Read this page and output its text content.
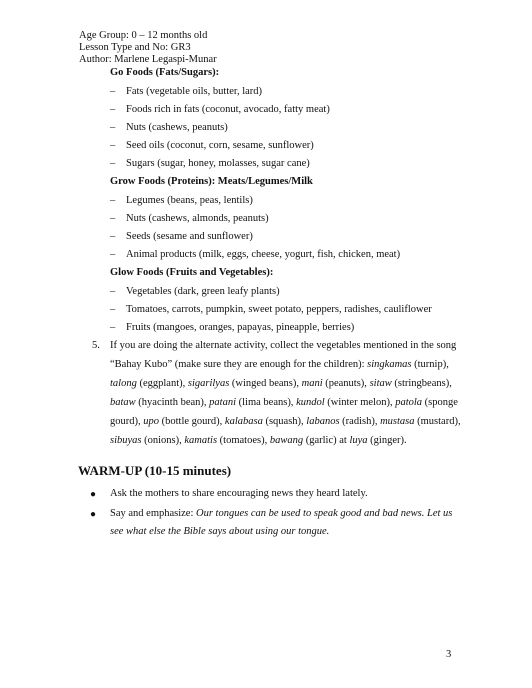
Age Group: 0 – 12 months old
Lesson Type and No: GR3
Author: Marlene Legaspi-Munar
Go Foods (Fats/Sugars):
– Fats (vegetable oils, butter, lard)
– Foods rich in fats (coconut, avocado, fatty meat)
– Nuts (cashews, peanuts)
– Seed oils (coconut, corn, sesame, sunflower)
– Sugars (sugar, honey, molasses, sugar cane)
Grow Foods (Proteins): Meats/Legumes/Milk
– Legumes (beans, peas, lentils)
– Nuts (cashews, almonds, peanuts)
– Seeds (sesame and sunflower)
– Animal products (milk, eggs, cheese, yogurt, fish, chicken, meat)
Glow Foods (Fruits and Vegetables):
– Vegetables (dark, green leafy plants)
– Tomatoes, carrots, pumpkin, sweet potato, peppers, radishes, cauliflower
– Fruits (mangoes, oranges, papayas, pineapple, berries)
5. If you are doing the alternate activity, collect the vegetables mentioned in the song
“Bahay Kubo” (make sure they are enough for the children): singkamas (turnip),
talong (eggplant), sigarilyas (winged beans), mani (peanuts), sitaw (stringbeans),
bataw (hyacinth bean), patani (lima beans), kundol (winter melon), patola (sponge
gourd), upo (bottle gourd), kalabasa (squash), labanos (radish), mustasa (mustard),
sibuyas (onions), kamatis (tomatoes), bawang (garlic) at luya (ginger).
WARM-UP (10-15 minutes)
● Ask the mothers to share encouraging news they heard lately.
● Say and emphasize: Our tongues can be used to speak good and bad news. Let us
see what else the Bible says about using our tongue.
3
